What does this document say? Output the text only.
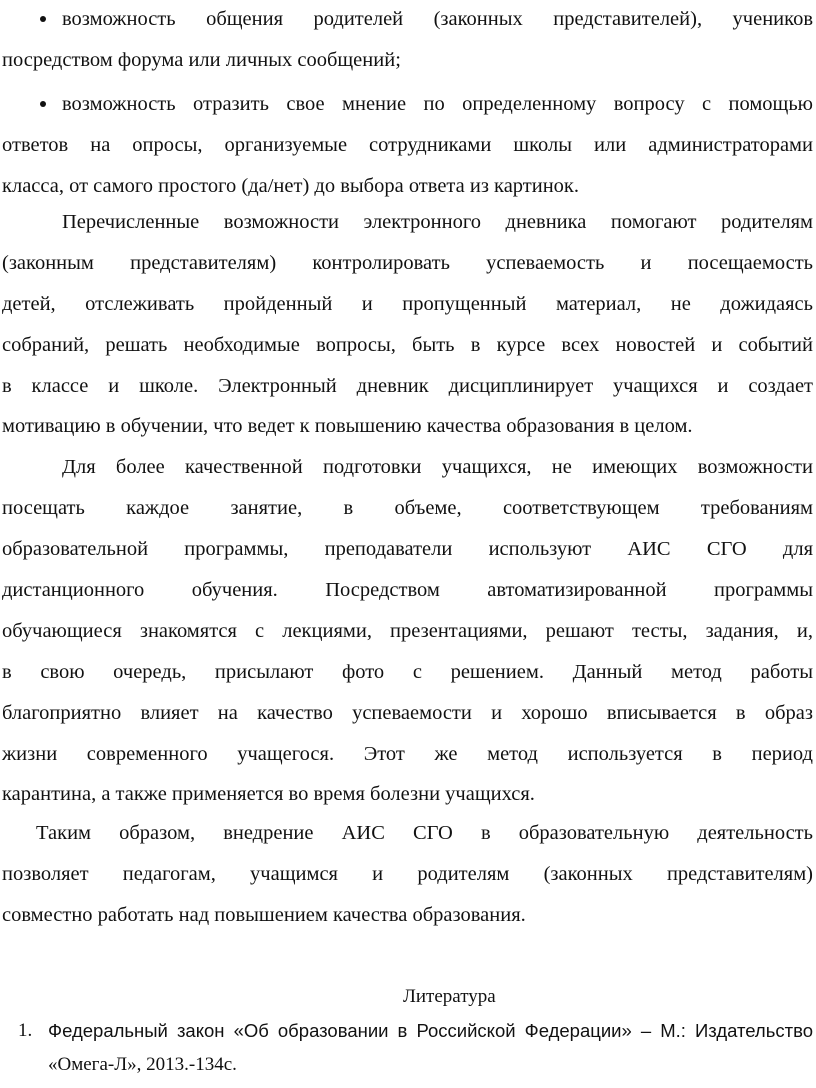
возможность общения родителей (законных представителей), учеников

посредством форума или личных сообщений;

возможность отразить свое мнение по определенному вопросу с помощью

ответов на опросы, организуемые сотрудниками школы или администраторами

класса, от самого простого (да/нет) до выбора ответа из картинок.

Перечисленные возможности электронного дневника помогают родителям

(законным представителям) контролировать успеваемость и посещаемость

детей, отслеживать пройденный и пропущенный материал, не дожидаясь

собраний, решать необходимые вопросы, быть в курсе всех новостей и событий

в классе и школе. Электронный дневник дисциплинирует учащихся и создает

мотивацию в обучении, что ведет к повышению качества образования в целом.

Для более качественной подготовки учащихся, не имеющих возможности

посещать каждое занятие, в объеме, соответствующем требованиям

образовательной программы, преподаватели используют АИС СГО для

дистанционного обучения. Посредством автоматизированной программы

обучающиеся знакомятся с лекциями, презентациями, решают тесты, задания, и,

в свою очередь, присылают фото с решением. Данный метод работы

благоприятно влияет на качество успеваемости и хорошо вписывается в образ

жизни современного учащегося. Этот же метод используется в период

карантина, а также применяется во время болезни учащихся.

Таким образом, внедрение АИС СГО в образовательную деятельность

позволяет педагогам, учащимся и родителям (законных представителям)

совместно работать над повышением качества образования.

Литература

1. Федеральный закон «Об образовании в Российской Федерации» – М.: Издательство

«Омега-Л», 2013.-134с.
